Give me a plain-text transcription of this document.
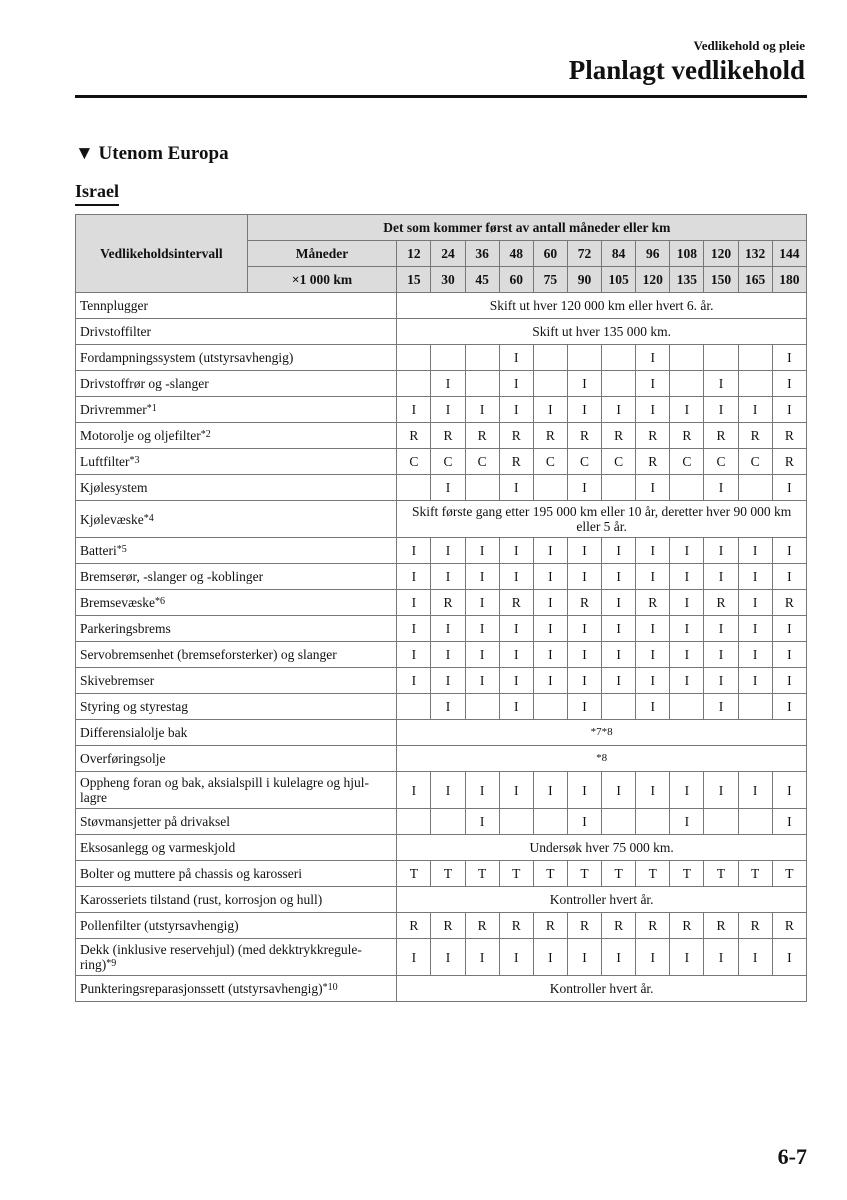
Vedlikehold og pleie
Planlagt vedlikehold
▼ Utenom Europa
Israel
Vedlikeholdsintervall	Det som kommer først av antall måneder eller km												
	Måneder	12	24	36	48	60	72	84	96	108	120	132	144
	×1 000 km	15	30	45	60	75	90	105	120	135	150	165	180
Tennplugger		Skift ut hver 120 000 km eller hvert 6. år.											
Drivstoffilter		Skift ut hver 135 000 km.											
Fordampningssystem (utstyrsavhengig)					I				I				I
Drivstoffrør og -slanger			I		I		I		I		I		I
Drivremmer$^{*1}$		I	I	I	I	I	I	I	I	I	I	I	I
Motorolje og oljefilter$^{*2}$		R	R	R	R	R	R	R	R	R	R	R	R
Luftfilter$^{*3}$		C	C	C	R	C	C	C	R	C	C	C	R
Kjølesystem			I		I		I		I		I		I
Kjølevæske$^{*4}$		Skift første gang etter 195 000 km eller 10 år, deretter hver 90 000 km eller 5 år.											
Batteri$^{*5}$		I	I	I	I	I	I	I	I	I	I	I	I
Bremserør, -slanger og -koblinger		I	I	I	I	I	I	I	I	I	I	I	I
Bremsevæske$^{*6}$		I	R	I	R	I	R	I	R	I	R	I	R
Parkeringsbrems		I	I	I	I	I	I	I	I	I	I	I	I
Servobremsenhet (bremseforsterker) og slanger		I	I	I	I	I	I	I	I	I	I	I	I
Skivebremser		I	I	I	I	I	I	I	I	I	I	I	I
Styring og styrestag			I		I		I		I		I		I
Differensialolje bak		*7*8											
Overføringsolje		*8											
Oppheng foran og bak, aksialspill i kulelagre og hjul-lagre		I	I	I	I	I	I	I	I	I	I	I	I
Støvmansjetter på drivaksel				I			I			I			I
Eksosanlegg og varmeskjold		Undersøk hver 75 000 km.											
Bolter og muttere på chassis og karosseri		T	T	T	T	T	T	T	T	T	T	T	T
Karosseriets tilstand (rust, korrosjon og hull)		Kontroller hvert år.											
Pollenfilter (utstyrsavhengig)		R	R	R	R	R	R	R	R	R	R	R	R
Dekk (inklusive reservehjul) (med dekktrykkregule-ring)$^{*9}$		I	I	I	I	I	I	I	I	I	I	I	I
Punkteringsreparasjonssett (utstyrsavhengig)$^{*10}$		Kontroller hvert år.											
6-7
